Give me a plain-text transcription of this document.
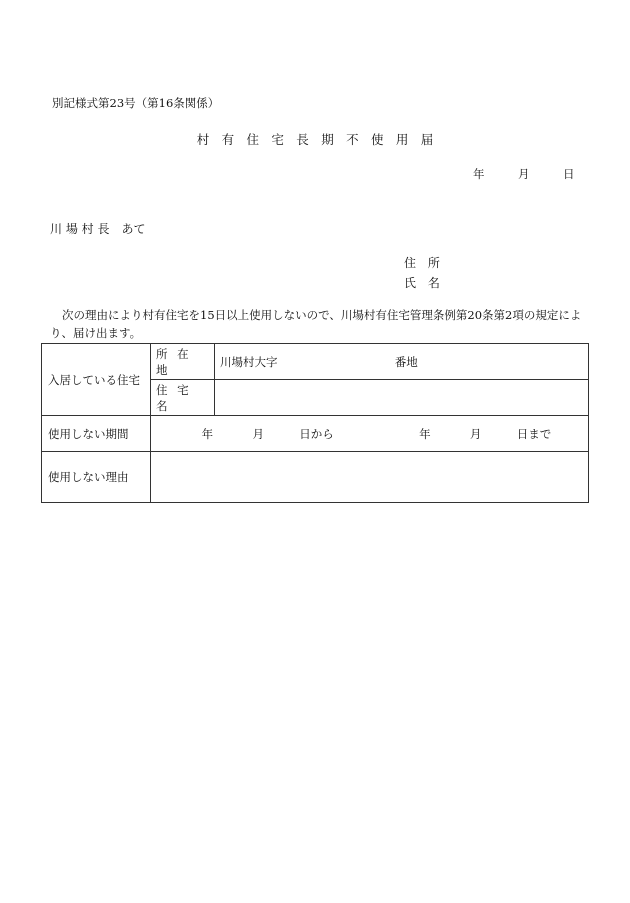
別記様式第23号（第16条関係）
村 有 住 宅 長 期 不 使 用 届
年	月	日
川 場 村 長　あて
住 所
氏 名
次の理由により村有住宅を15日以上使用しないので、川場村有住宅管理条例第20条第2項の規定により、届け出ます。
入居している住宅	所 在 地	川場村大字 番地
	住 宅 名	
使用しない期間	年 月 日から 年 月 日まで	
使用しない理由		
